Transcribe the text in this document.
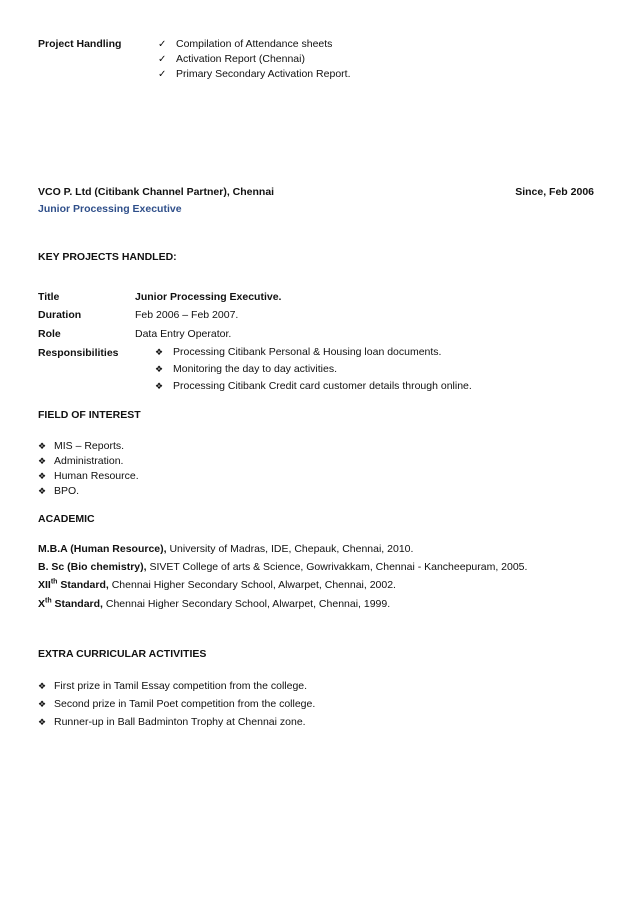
Project Handling	✓ Compilation of Attendance sheets
✓ Activation Report (Chennai)
✓ Primary Secondary Activation Report.
VCO P. Ltd (Citibank Channel Partner), Chennai	Since, Feb 2006
Junior Processing Executive
KEY PROJECTS HANDLED:
Title	Junior Processing Executive.
Duration	Feb 2006 – Feb 2007.
Role	Data Entry Operator.
Responsibilities	❖ Processing Citibank Personal & Housing loan documents.
❖ Monitoring the day to day activities.
❖ Processing Citibank Credit card customer details through online.
FIELD OF INTEREST
❖ MIS – Reports.
❖ Administration.
❖ Human Resource.
❖ BPO.
ACADEMIC
M.B.A (Human Resource), University of Madras, IDE, Chepauk, Chennai, 2010.
B. Sc (Bio chemistry), SIVET College of arts & Science, Gowrivakkam, Chennai - Kancheepuram, 2005.
XIIth Standard, Chennai Higher Secondary School, Alwarpet, Chennai, 2002.
Xth Standard, Chennai Higher Secondary School, Alwarpet, Chennai, 1999.
EXTRA CURRICULAR ACTIVITIES
❖ First prize in Tamil Essay competition from the college.
❖ Second prize in Tamil Poet competition from the college.
❖ Runner-up in Ball Badminton Trophy at Chennai zone.
